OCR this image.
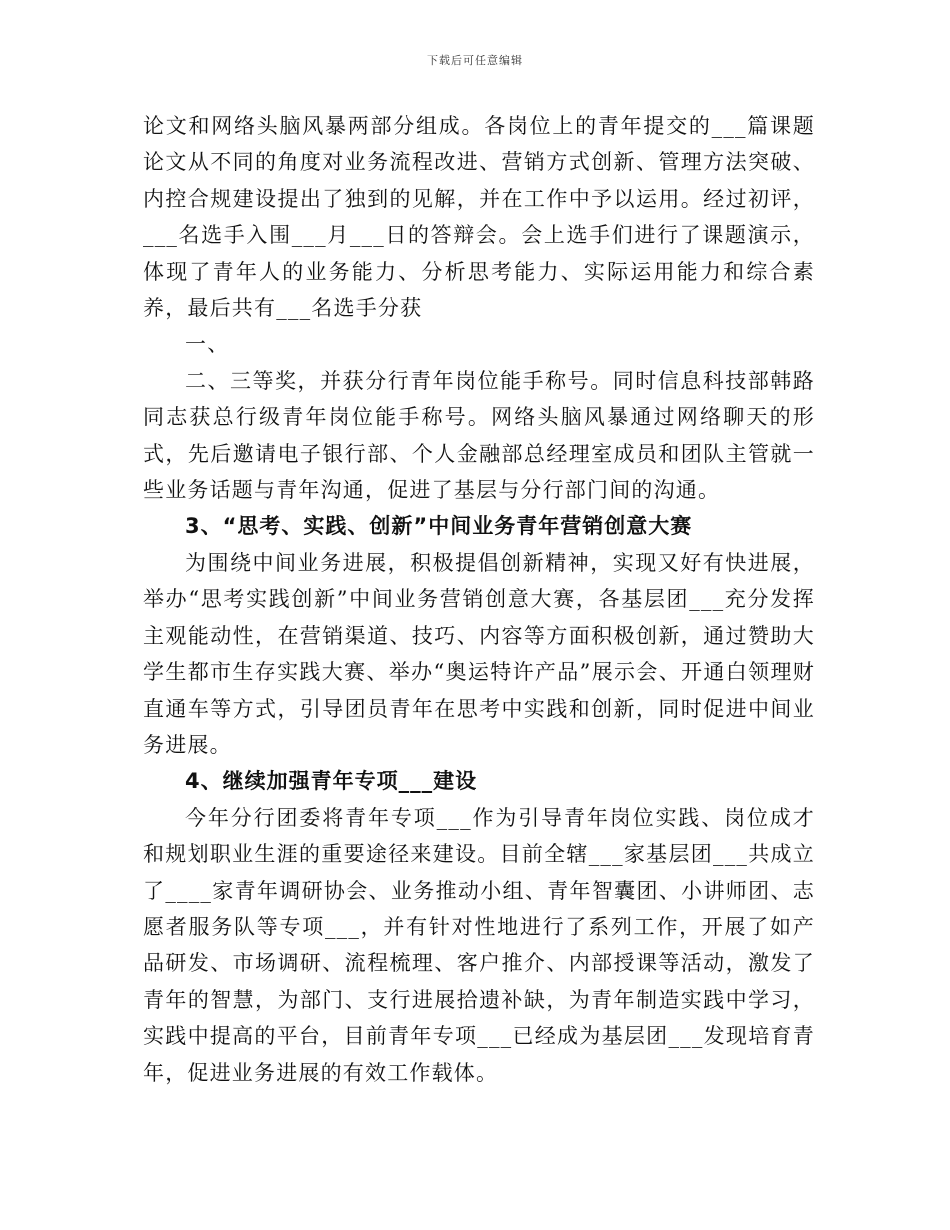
下载后可任意编辑

论文和网络头脑风暴两部分组成。各岗位上的青年提交的___篇课题论文从不同的角度对业务流程改进、营销方式创新、管理方法突破、内控合规建设提出了独到的见解，并在工作中予以运用。经过初评，___名选手入围___月___日的答辩会。会上选手们进行了课题演示，体现了青年人的业务能力、分析思考能力、实际运用能力和综合素养，最后共有___名选手分获

一、

二、三等奖，并获分行青年岗位能手称号。同时信息科技部韩路同志获总行级青年岗位能手称号。网络头脑风暴通过网络聊天的形式，先后邀请电子银行部、个人金融部总经理室成员和团队主管就一些业务话题与青年沟通，促进了基层与分行部门间的沟通。

3、“思考、实践、创新”中间业务青年营销创意大赛

为围绕中间业务进展，积极提倡创新精神，实现又好有快进展，举办“思考实践创新”中间业务营销创意大赛，各基层团___充分发挥主观能动性，在营销渠道、技巧、内容等方面积极创新，通过赞助大学生都市生存实践大赛、举办“奥运特许产品”展示会、开通白领理财直通车等方式，引导团员青年在思考中实践和创新，同时促进中间业务进展。

4、继续加强青年专项___建设

今年分行团委将青年专项___作为引导青年岗位实践、岗位成才和规划职业生涯的重要途径来建设。目前全辖___家基层团___共成立了____家青年调研协会、业务推动小组、青年智囊团、小讲师团、志愿者服务队等专项___，并有针对性地进行了系列工作，开展了如产品研发、市场调研、流程梳理、客户推介、内部授课等活动，激发了青年的智慧，为部门、支行进展拾遗补缺，为青年制造实践中学习，实践中提高的平台，目前青年专项___已经成为基层团___发现培育青年，促进业务进展的有效工作载体。
